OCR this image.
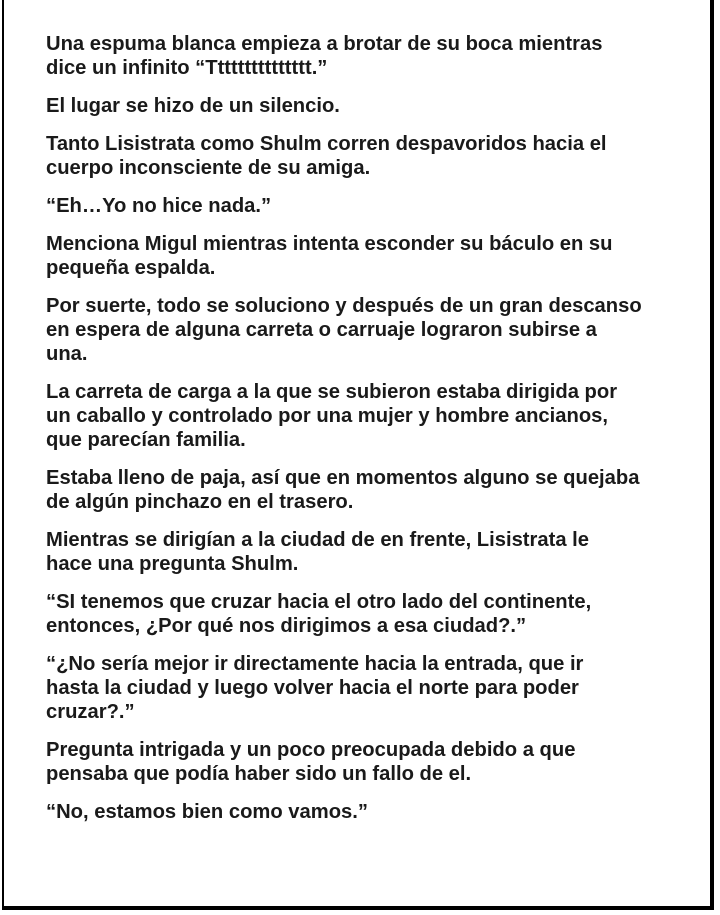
Una espuma blanca empieza a brotar de su boca mientras
dice un infinito “Ttttttttttttttt.”

El lugar se hizo de un silencio.

Tanto Lisistrata como Shulm corren despavoridos hacia el
cuerpo inconsciente de su amiga.

“Eh…Yo no hice nada.”

Menciona Migul mientras intenta esconder su báculo en su
pequeña espalda.

Por suerte, todo se soluciono y después de un gran descanso
en espera de alguna carreta o carruaje lograron subirse a
una.

La carreta de carga a la que se subieron estaba dirigida por
un caballo y controlado por una mujer y hombre ancianos,
que parecían familia.

Estaba lleno de paja, así que en momentos alguno se quejaba
de algún pinchazo en el trasero.

Mientras se dirigían a la ciudad de en frente, Lisistrata le
hace una pregunta Shulm.

“SI tenemos que cruzar hacia el otro lado del continente,
entonces, ¿Por qué nos dirigimos a esa ciudad?.”

“¿No sería mejor ir directamente hacia la entrada, que ir
hasta la ciudad y luego volver hacia el norte para poder
cruzar?.”

Pregunta intrigada y un poco preocupada debido a que
pensaba que podía haber sido un fallo de el.

“No, estamos bien como vamos.”
